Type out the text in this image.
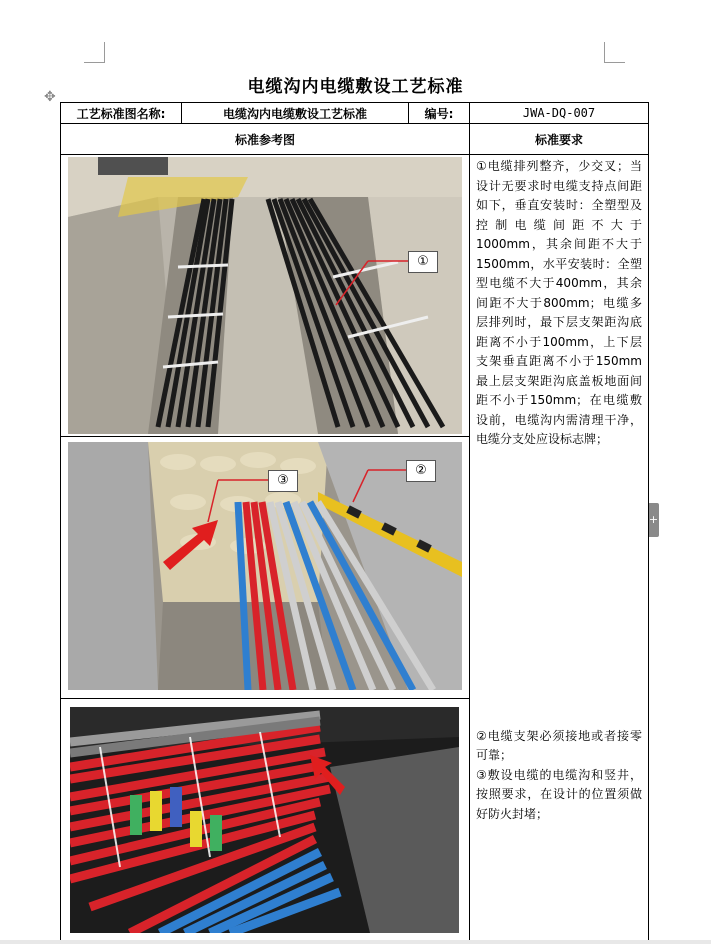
电缆沟内电缆敷设工艺标准
✥
+
工艺标准图名称:	电缆沟内电缆敷设工艺标准	编号:	JWA-DQ-007
标准参考图			标准要求

①			①电缆排列整齐，少交叉；当设计无要求时电缆支持点间距如下，垂直安装时：全塑型及控制电缆间距不大于1000mm，其余间距不大于1500mm，水平安装时：全塑型电缆不大于400mm，其余间距不大于800mm；电缆多层排列时，最下层支架距沟底距离不小于100mm，上下层支架垂直距离不小于150mm最上层支架距沟底盖板地面间距不小于150mm；在电缆敷设前，电缆沟内需清理干净，电缆分支处应设标志牌；

②电缆支架必须接地或者接零可靠；

③敷设电缆的电缆沟和竖井，按照要求，在设计的位置须做好防火封堵；

③
②			
